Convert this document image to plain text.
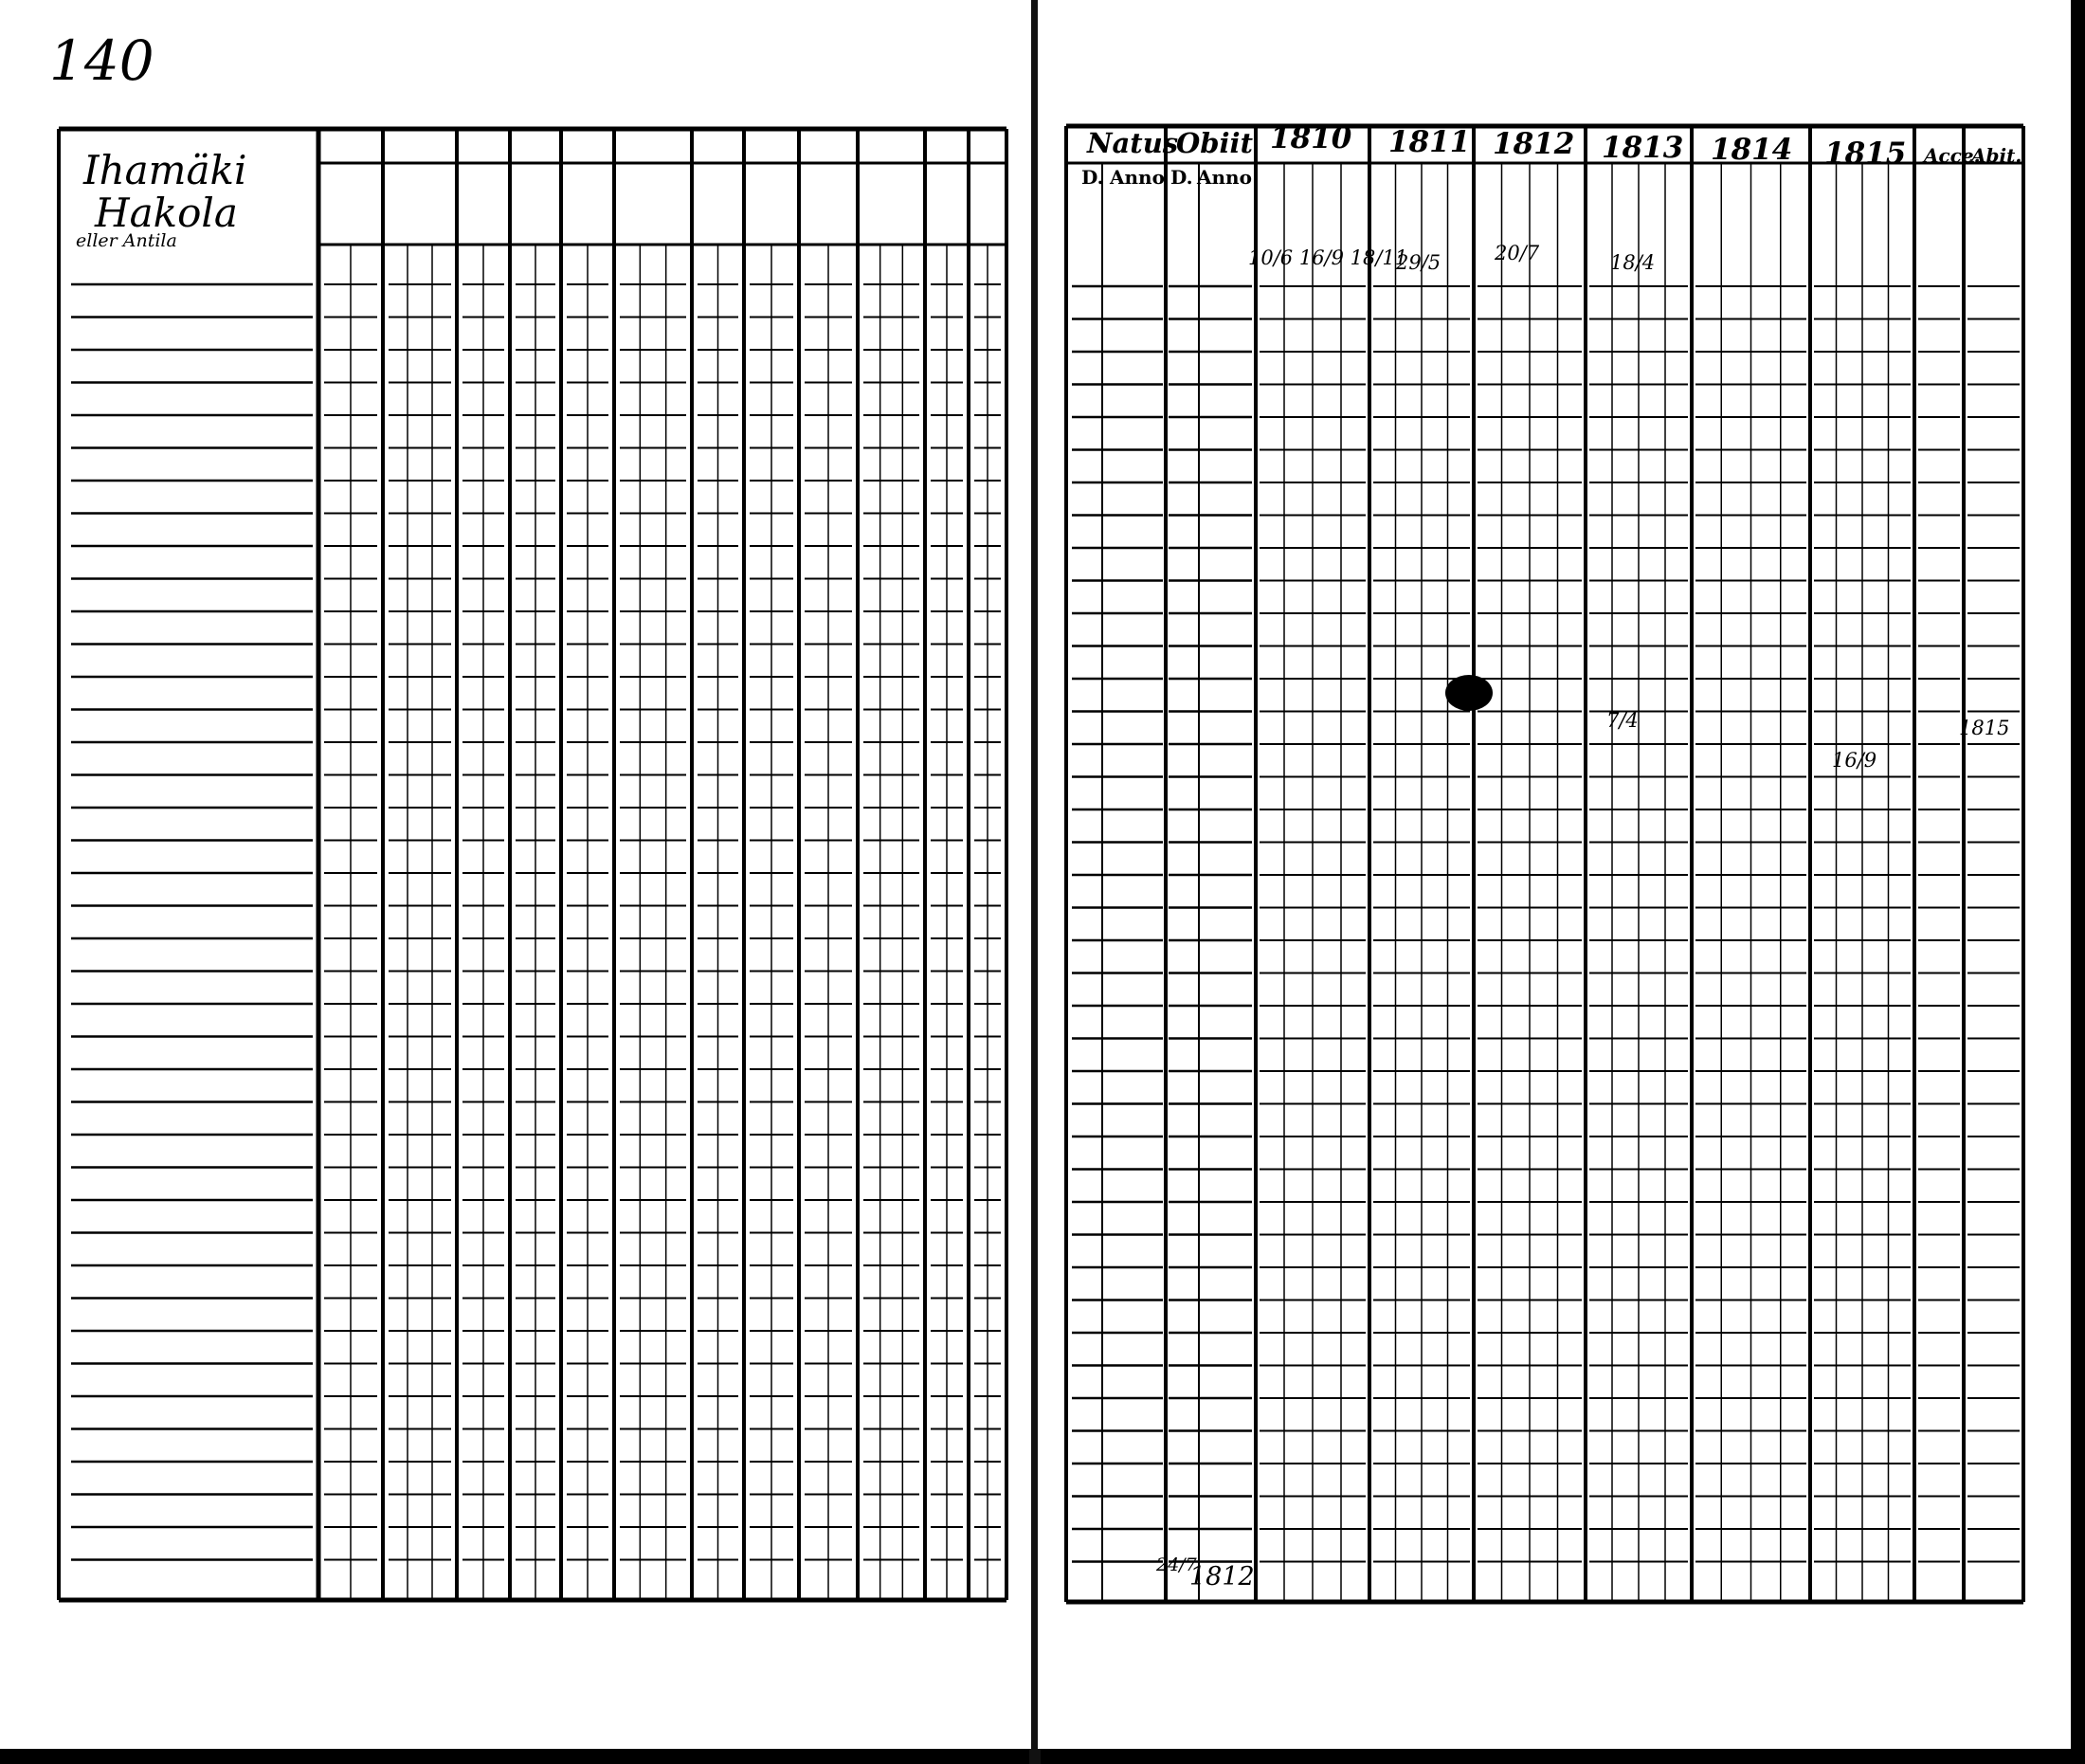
140
Ihamäki
Hakola
eller Antila
Natus
D. Anno
Obiit
D. Anno
1810 1811 1812 1813 1814 1815 Acce.
Abit.
10/6 16/9 18/11
29/5	20/7	18/4
7/4
16/9
1815
24/7
1812
